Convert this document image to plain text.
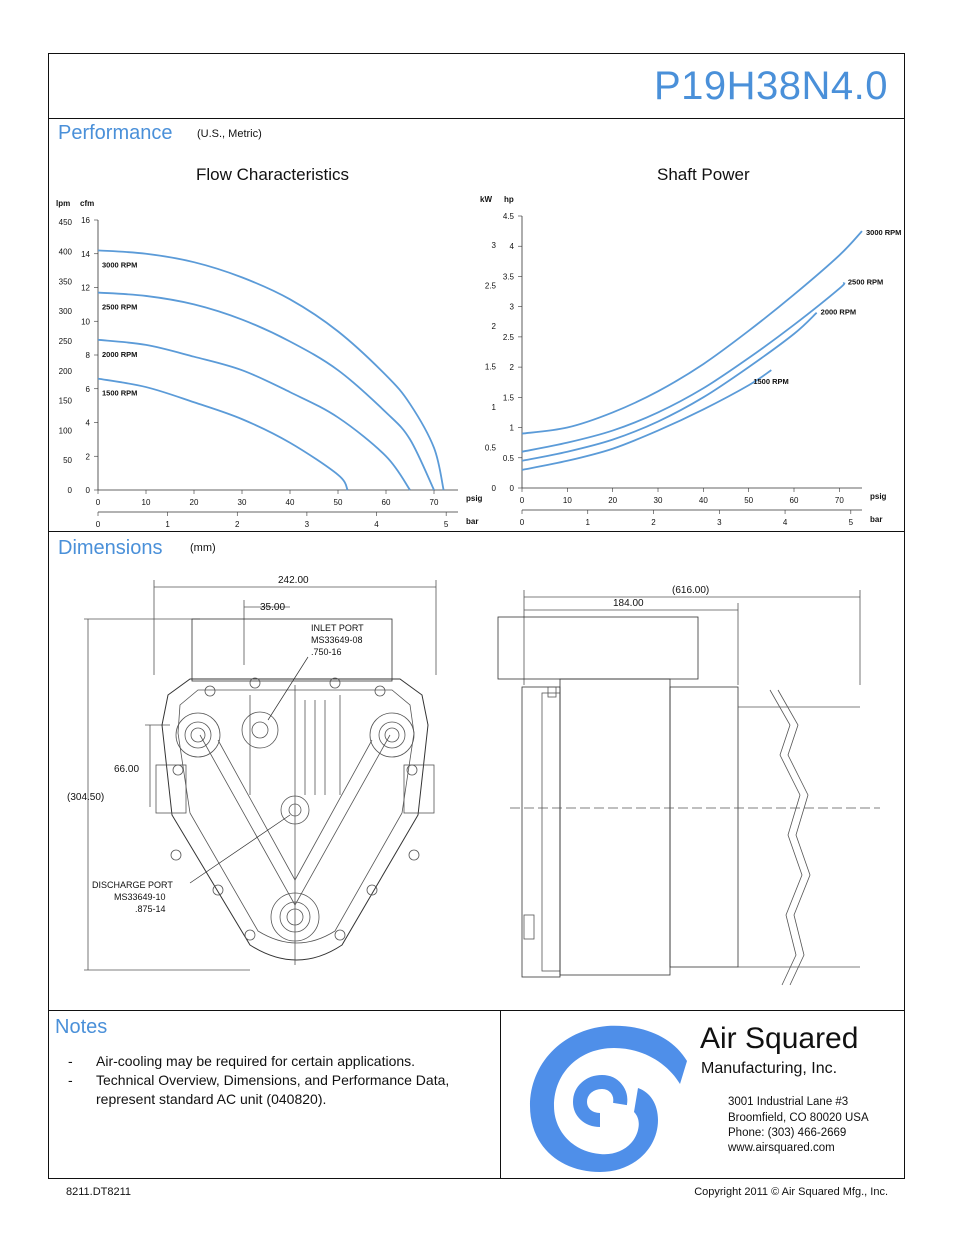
P19H38N4.0
Performance (U.S., Metric)
Flow Characteristics	Shaft Power
0	10	20	30	40	50	60	70	psig
0	1	2	3	4	5 bar
0
50
100
150
200
250
300
350
400
450
lpm
0
2
4
6
8
10
12
14
16
cfm
3000 RPM
2500 RPM
2000 RPM
1500 RPM
0	10	20	30	40	50	60	70	psig
0	1	2	3	4	5 bar
0
0.5
1
1.5
2
2.5
3
kW
0
0.5
1
1.5
2
2.5
3
3.5
4
4.5
hp
3000 RPM
2500 RPM
2000 RPM
1500 RPM
Dimensions	(mm)
242.00
35.00
(304.50)
66.00
INLET PORT
MS33649-08
.750-16
DISCHARGE PORT
MS33649-10
.875-14
(616.00)
184.00
Notes
- Air-cooling may be required for certain applications.
- Technical Overview, Dimensions, and Performance Data, represent standard AC unit (040820).
Air Squared
Manufacturing, Inc.
3001 Industrial Lane #3
Broomfield, CO 80020 USA
Phone: (303) 466-2669
www.airsquared.com
8211.DT8211	Copyright 2011 © Air Squared Mfg., Inc.
